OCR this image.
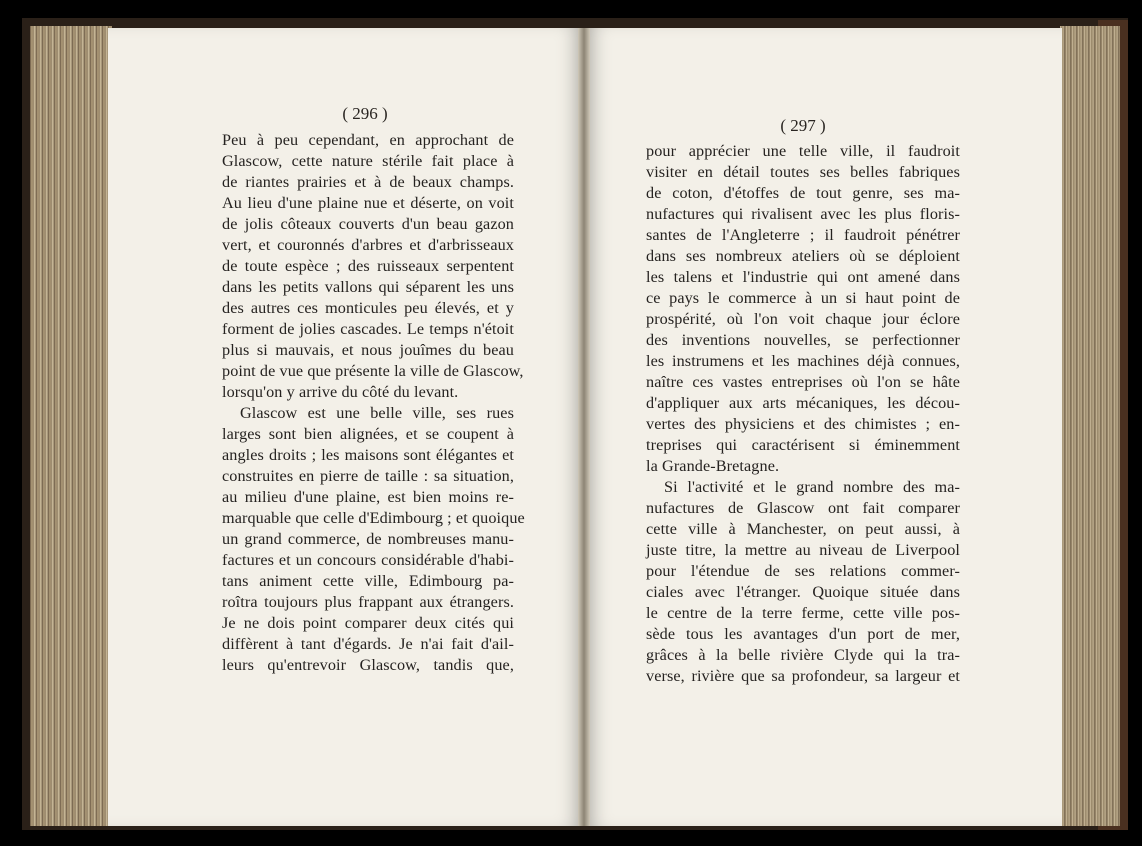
( 296 )
( 297 )
Peu à peu cependant, en approchant de
Glascow, cette nature stérile fait place à
de riantes prairies et à de beaux champs.
Au lieu d'une plaine nue et déserte, on voit
de jolis côteaux couverts d'un beau gazon
vert, et couronnés d'arbres et d'arbrisseaux
de toute espèce ; des ruisseaux serpentent
dans les petits vallons qui séparent les uns
des autres ces monticules peu élevés, et y
forment de jolies cascades. Le temps n'étoit
plus si mauvais, et nous jouîmes du beau
point de vue que présente la ville de Glascow,
lorsqu'on y arrive du côté du levant.
Glascow est une belle ville, ses rues
larges sont bien alignées, et se coupent à
angles droits ; les maisons sont élégantes et
construites en pierre de taille : sa situation,
au milieu d'une plaine, est bien moins re-
marquable que celle d'Edimbourg ; et quoique
un grand commerce, de nombreuses manu-
factures et un concours considérable d'habi-
tans animent cette ville, Edimbourg pa-
roîtra toujours plus frappant aux étrangers.
Je ne dois point comparer deux cités qui
diffèrent à tant d'égards. Je n'ai fait d'ail-
leurs qu'entrevoir Glascow, tandis que,
pour apprécier une telle ville, il faudroit
visiter en détail toutes ses belles fabriques
de coton, d'étoffes de tout genre, ses ma-
nufactures qui rivalisent avec les plus floris-
santes de l'Angleterre ; il faudroit pénétrer
dans ses nombreux ateliers où se déploient
les talens et l'industrie qui ont amené dans
ce pays le commerce à un si haut point de
prospérité, où l'on voit chaque jour éclore
des inventions nouvelles, se perfectionner
les instrumens et les machines déjà connues,
naître ces vastes entreprises où l'on se hâte
d'appliquer aux arts mécaniques, les décou-
vertes des physiciens et des chimistes ; en-
treprises qui caractérisent si éminemment
la Grande-Bretagne.
Si l'activité et le grand nombre des ma-
nufactures de Glascow ont fait comparer
cette ville à Manchester, on peut aussi, à
juste titre, la mettre au niveau de Liverpool
pour l'étendue de ses relations commer-
ciales avec l'étranger. Quoique située dans
le centre de la terre ferme, cette ville pos-
sède tous les avantages d'un port de mer,
grâces à la belle rivière Clyde qui la tra-
verse, rivière que sa profondeur, sa largeur et
